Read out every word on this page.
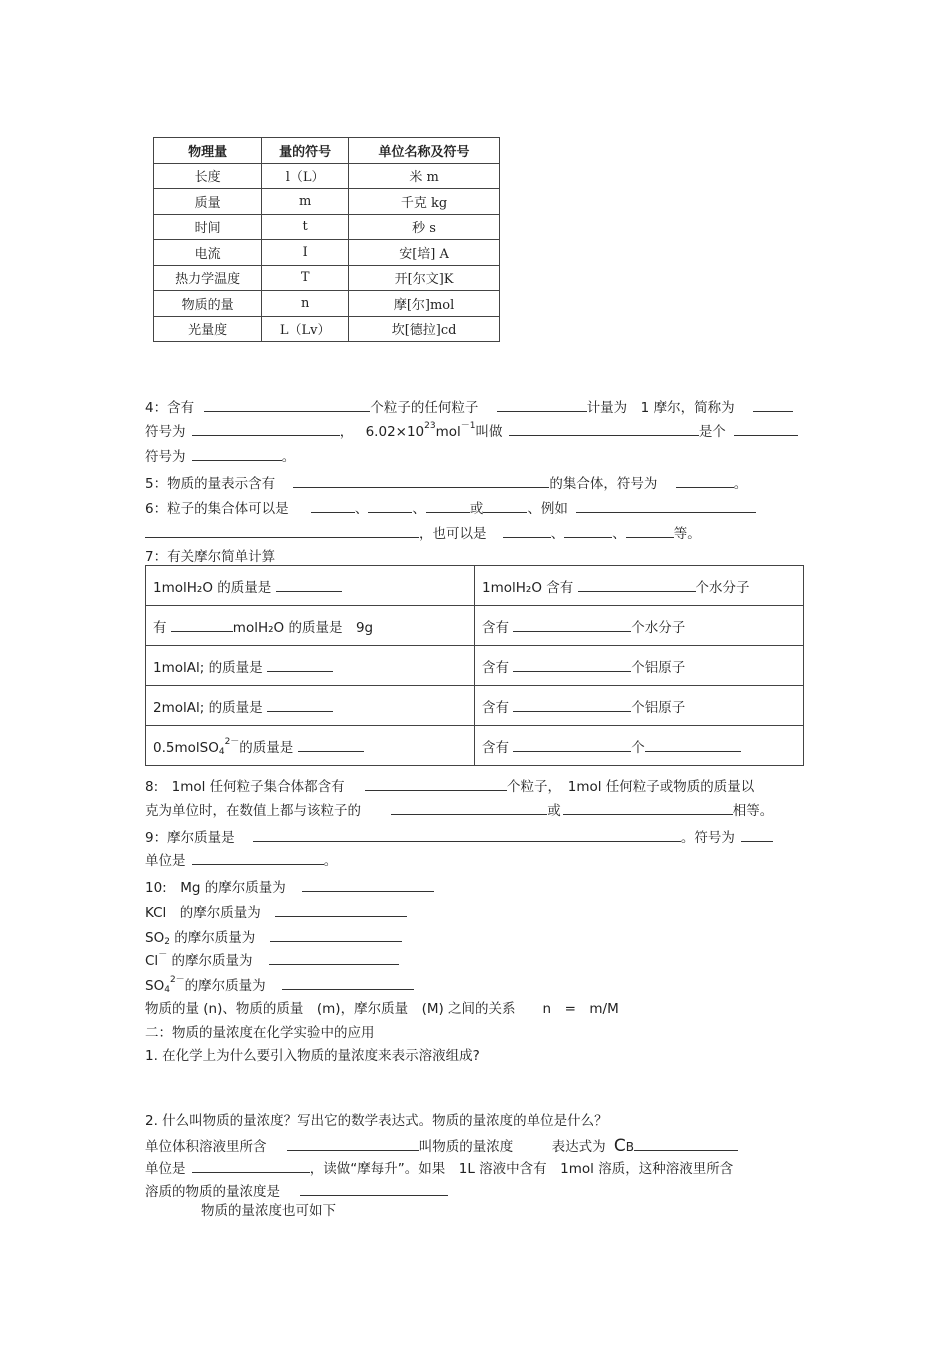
物理量	量的符号	单位名称及符号
长度	l（L）	米 m
质量	m	千克 kg
时间	t	秒 s
电流	I	安[培] A
热力学温度	T	开[尔文]K
物质的量	n	摩[尔]mol
光量度	L（Lv）	坎[德拉]cd
4：含有	个粒子的任何粒子	计量为　1 摩尔，简称为
符号为	， $6.02\times 10^{23}mol^{-1}$叫做	是个
符号为	。
5：物质的量表示含有	的集合体，符号为	。
6：粒子的集合体可以是	、	、	或	、例如
，也可以是	、	、	等。
7：有关摩尔简单计算
1molH₂O 的质量是	1molH₂O 含有 个水分子
有 molH₂O 的质量是　9g	含有 个水分子
1molAl; 的质量是	含有 个铝原子
2molAl; 的质量是	含有 个铝原子
0.5molSO$_4^{2-}$的质量是	含有 个
8:　1mol 任何粒子集合体都含有	个粒子，　1mol 任何粒子或物质的质量以
克为单位时，在数值上都与该粒子的	或	相等。
9：摩尔质量是	。符号为
单位是	。
10:　Mg 的摩尔质量为
KCl　的摩尔质量为
$SO_2$ 的摩尔质量为
Cl－ 的摩尔质量为
$SO_4^{2-}$的摩尔质量为
物质的量 (n)、物质的质量　(m)，摩尔质量　(M) 之间的关系　　n　=　m/M
二：物质的量浓度在化学实验中的应用
1. 在化学上为什么要引入物质的量浓度来表示溶液组成?
2. 什么叫物质的量浓度？写出它的数学表达式。物质的量浓度的单位是什么？
单位体积溶液里所含	叫物质的量浓度	表达式为 CB
单位是	，读做“摩每升”。如果　1L 溶液中含有　1mol 溶质，这种溶液里所含
溶质的物质的量浓度是
物质的量浓度也可如下
